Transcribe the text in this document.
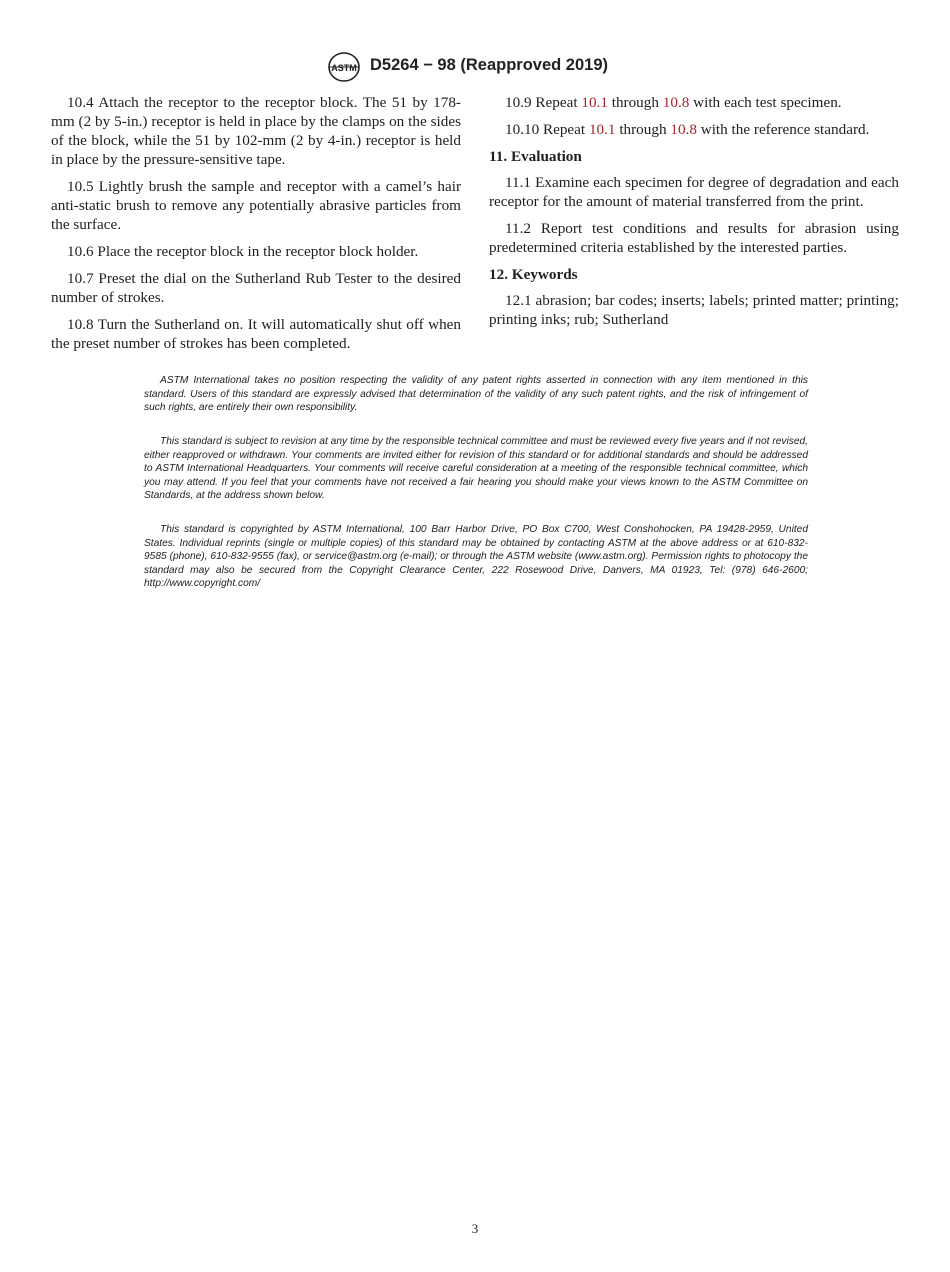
ASTM D5264 − 98 (Reapproved 2019)

10.4 Attach the receptor to the receptor block. The 51 by 178-mm (2 by 5-in.) receptor is held in place by the clamps on the sides of the block, while the 51 by 102-mm (2 by 4-in.) receptor is held in place by the pressure-sensitive tape.

10.5 Lightly brush the sample and receptor with a camel’s hair anti-static brush to remove any potentially abrasive particles from the surface.

10.6 Place the receptor block in the receptor block holder.

10.7 Preset the dial on the Sutherland Rub Tester to the desired number of strokes.

10.8 Turn the Sutherland on. It will automatically shut off when the preset number of strokes has been completed.

10.9 Repeat 10.1 through 10.8 with each test specimen.

10.10 Repeat 10.1 through 10.8 with the reference standard.

11. Evaluation

11.1 Examine each specimen for degree of degradation and each receptor for the amount of material transferred from the print.

11.2 Report test conditions and results for abrasion using predetermined criteria established by the interested parties.

12. Keywords

12.1 abrasion; bar codes; inserts; labels; printed matter; printing; printing inks; rub; Sutherland

ASTM International takes no position respecting the validity of any patent rights asserted in connection with any item mentioned in this standard. Users of this standard are expressly advised that determination of the validity of any such patent rights, and the risk of infringement of such rights, are entirely their own responsibility.
This standard is subject to revision at any time by the responsible technical committee and must be reviewed every five years and if not revised, either reapproved or withdrawn. Your comments are invited either for revision of this standard or for additional standards and should be addressed to ASTM International Headquarters. Your comments will receive careful consideration at a meeting of the responsible technical committee, which you may attend. If you feel that your comments have not received a fair hearing you should make your views known to the ASTM Committee on Standards, at the address shown below.
This standard is copyrighted by ASTM International, 100 Barr Harbor Drive, PO Box C700, West Conshohocken, PA 19428-2959, United States. Individual reprints (single or multiple copies) of this standard may be obtained by contacting ASTM at the above address or at 610-832-9585 (phone), 610-832-9555 (fax), or service@astm.org (e-mail); or through the ASTM website (www.astm.org). Permission rights to photocopy the standard may also be secured from the Copyright Clearance Center, 222 Rosewood Drive, Danvers, MA 01923, Tel: (978) 646-2600; http://www.copyright.com/
3
